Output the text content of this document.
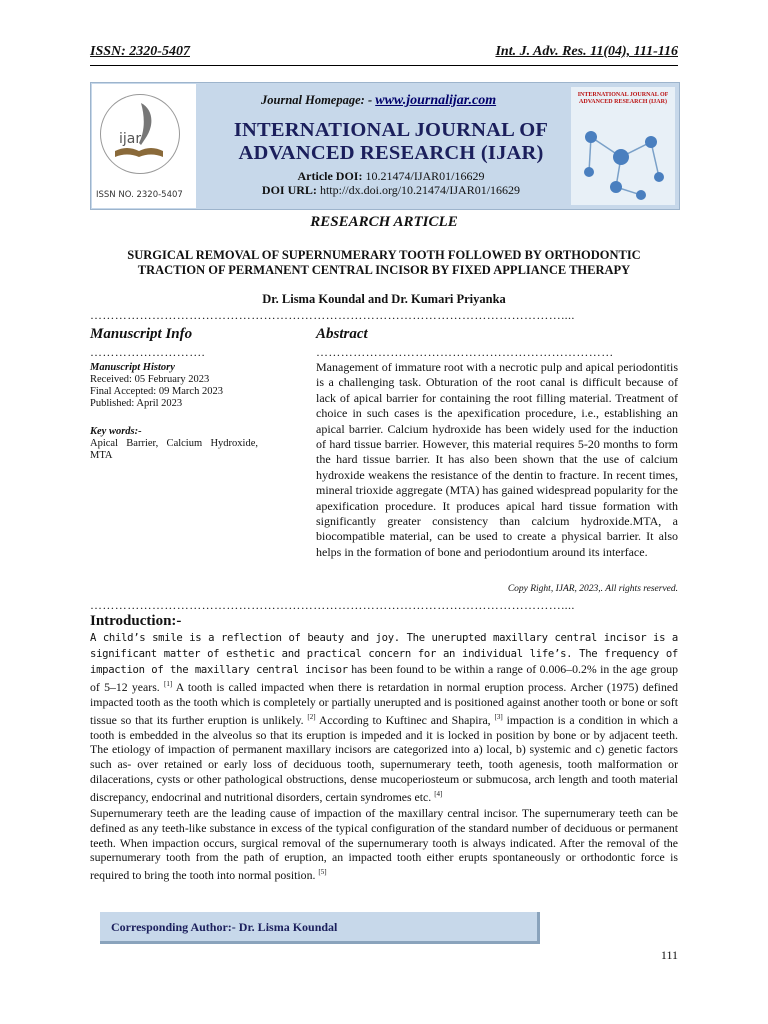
ISSN: 2320-5407	Int. J. Adv. Res. 11(04), 111-116
ijar
ISSN NO. 2320-5407
Journal Homepage: - www.journalijar.com
INTERNATIONAL JOURNAL OF
ADVANCED RESEARCH (IJAR)
Article DOI: 10.21474/IJAR01/16629
DOI URL: http://dx.doi.org/10.21474/IJAR01/16629
INTERNATIONAL JOURNAL OF ADVANCED RESEARCH (IJAR)
RESEARCH ARTICLE
SURGICAL REMOVAL OF SUPERNUMERARY TOOTH FOLLOWED BY ORTHODONTIC
TRACTION OF PERMANENT CENTRAL INCISOR BY FIXED APPLIANCE THERAPY
Dr. Lisma Koundal and Dr. Kumari Priyanka
……………………………………………………………………………………………………....
Manuscript Info
……………………….
Manuscript History
Received: 05 February 2023
Final Accepted: 09 March 2023
Published: April 2023
Key words:-
Apical Barrier, Calcium Hydroxide, MTA
Abstract
………………………………………………………………
Management of immature root with a necrotic pulp and apical periodontitis is a challenging task. Obturation of the root canal is difficult because of lack of apical barrier for containing the root filling material. Treatment of choice in such cases is the apexification procedure, i.e., establishing an apical barrier. Calcium hydroxide has been widely used for the induction of hard tissue barrier. However, this material requires 5-20 months to form the hard tissue barrier. It has also been shown that the use of calcium hydroxide weakens the resistance of the dentin to fracture. In recent times, mineral trioxide aggregate (MTA) has gained widespread popularity for the apexification procedure. It produces apical hard tissue formation with significantly greater consistency than calcium hydroxide.MTA, a biocompatible material, can be used to create a physical barrier. It also helps in the formation of bone and periodontium around its interface.
Copy Right, IJAR, 2023,. All rights reserved.
……………………………………………………………………………………………………....
Introduction:-
A child’s smile is a reflection of beauty and joy. The unerupted maxillary central incisor is a significant matter of esthetic and practical concern for an individual life’s. The frequency of impaction of the maxillary central incisor has been found to be within a range of 0.006–0.2% in the age group of 5–12 years. [1] A tooth is called impacted when there is retardation in normal eruption process. Archer (1975) defined impacted tooth as the tooth which is completely or partially unerupted and is positioned against another tooth or bone or soft tissue so that its further eruption is unlikely. [2] According to Kuftinec and Shapira, [3] impaction is a condition in which a tooth is embedded in the alveolus so that its eruption is impeded and it is locked in position by bone or by adjacent teeth. The etiology of impaction of permanent maxillary incisors are categorized into a) local, b) systemic and c) genetic factors such as- over retained or early loss of deciduous tooth, supernumerary teeth, tooth agenesis, tooth malformation or dilacerations, cysts or other pathological obstructions, dense mucoperiosteum or submucosa, arch length and tooth material discrepancy, endocrinal and nutritional disorders, certain syndromes etc. [4]
Supernumerary teeth are the leading cause of impaction of the maxillary central incisor. The supernumerary teeth can be defined as any teeth-like substance in excess of the typical configuration of the standard number of deciduous or permanent teeth. When impaction occurs, surgical removal of the supernumerary tooth is always indicated. After the removal of the supernumerary tooth from the path of eruption, an impacted tooth either erupts spontaneously or orthodontic force is required to bring the tooth into normal position. [5]
Corresponding Author:- Dr. Lisma Koundal
111
